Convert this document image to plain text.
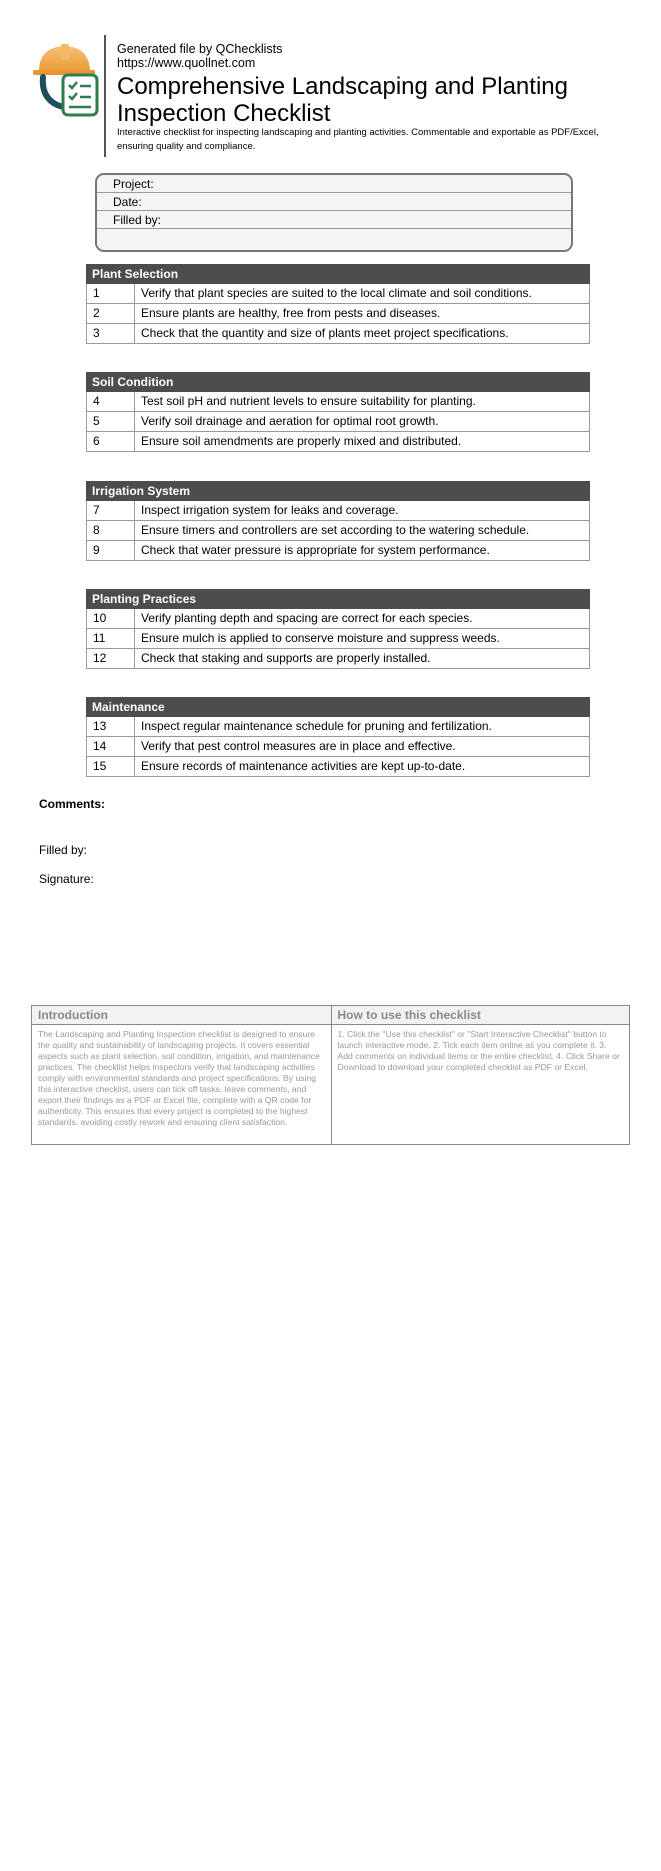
Generated file by QChecklists
https://www.quollnet.com
Comprehensive Landscaping and Planting Inspection Checklist
Interactive checklist for inspecting landscaping and planting activities. Commentable and exportable as PDF/Excel, ensuring quality and compliance.
Project:
Date:
Filled by:
Plant Selection
1	Verify that plant species are suited to the local climate and soil conditions.
2	Ensure plants are healthy, free from pests and diseases.
3	Check that the quantity and size of plants meet project specifications.
Soil Condition
4	Test soil pH and nutrient levels to ensure suitability for planting.
5	Verify soil drainage and aeration for optimal root growth.
6	Ensure soil amendments are properly mixed and distributed.
Irrigation System
7	Inspect irrigation system for leaks and coverage.
8	Ensure timers and controllers are set according to the watering schedule.
9	Check that water pressure is appropriate for system performance.
Planting Practices
10	Verify planting depth and spacing are correct for each species.
11	Ensure mulch is applied to conserve moisture and suppress weeds.
12	Check that staking and supports are properly installed.
Maintenance
13	Inspect regular maintenance schedule for pruning and fertilization.
14	Verify that pest control measures are in place and effective.
15	Ensure records of maintenance activities are kept up-to-date.
Comments:
Filled by:
Signature:
Introduction
The Landscaping and Planting Inspection checklist is designed to ensure the quality and sustainability of landscaping projects. It covers essential aspects such as plant selection, soil condition, irrigation, and maintenance practices. The checklist helps inspectors verify that landscaping activities comply with environmental standards and project specifications. By using this interactive checklist, users can tick off tasks, leave comments, and export their findings as a PDF or Excel file, complete with a QR code for authenticity. This ensures that every project is completed to the highest standards, avoiding costly rework and ensuring client satisfaction.
How to use this checklist
1. Click the "Use this checklist" or "Start Interactive Checklist" button to launch interactive mode. 2. Tick each item online as you complete it. 3. Add comments on individual items or the entire checklist. 4. Click Share or Download to download your completed checklist as PDF or Excel.
